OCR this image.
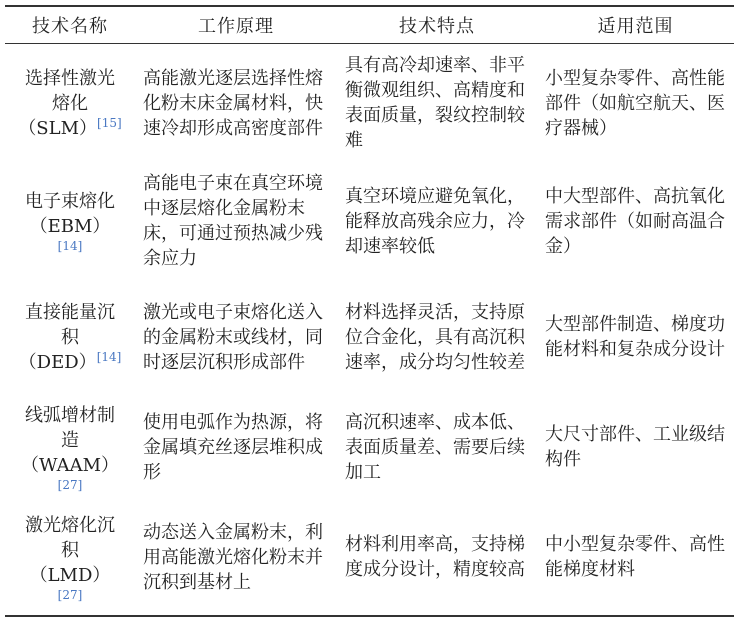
技术名称	工作原理	技术特点	适用范围

选择性激光
熔化
（SLM）[15]	高能激光逐层选择性熔化粉末床金属材料，快速冷却形成高密度部件	具有高冷却速率、非平衡微观组织、高精度和表面质量，裂纹控制较难	小型复杂零件、高性能部件（如航空航天、医疗器械）

电子束熔化
（EBM）
[14]	高能电子束在真空环境中逐层熔化金属粉末床，可通过预热减少残余应力	真空环境应避免氧化，能释放高残余应力，冷却速率较低	中大型部件、高抗氧化需求部件（如耐高温合金）

直接能量沉
积
（DED）[14]	激光或电子束熔化送入的金属粉末或线材，同时逐层沉积形成部件	材料选择灵活，支持原位合金化，具有高沉积速率，成分均匀性较差	大型部件制造、梯度功能材料和复杂成分设计

线弧增材制
造
（WAAM）
[27]	使用电弧作为热源，将金属填充丝逐层堆积成形	高沉积速率、成本低、表面质量差、需要后续加工	大尺寸部件、工业级结构件

激光熔化沉
积
（LMD）
[27]	动态送入金属粉末，利用高能激光熔化粉末并沉积到基材上	材料利用率高，支持梯度成分设计，精度较高	中小型复杂零件、高性能梯度材料
